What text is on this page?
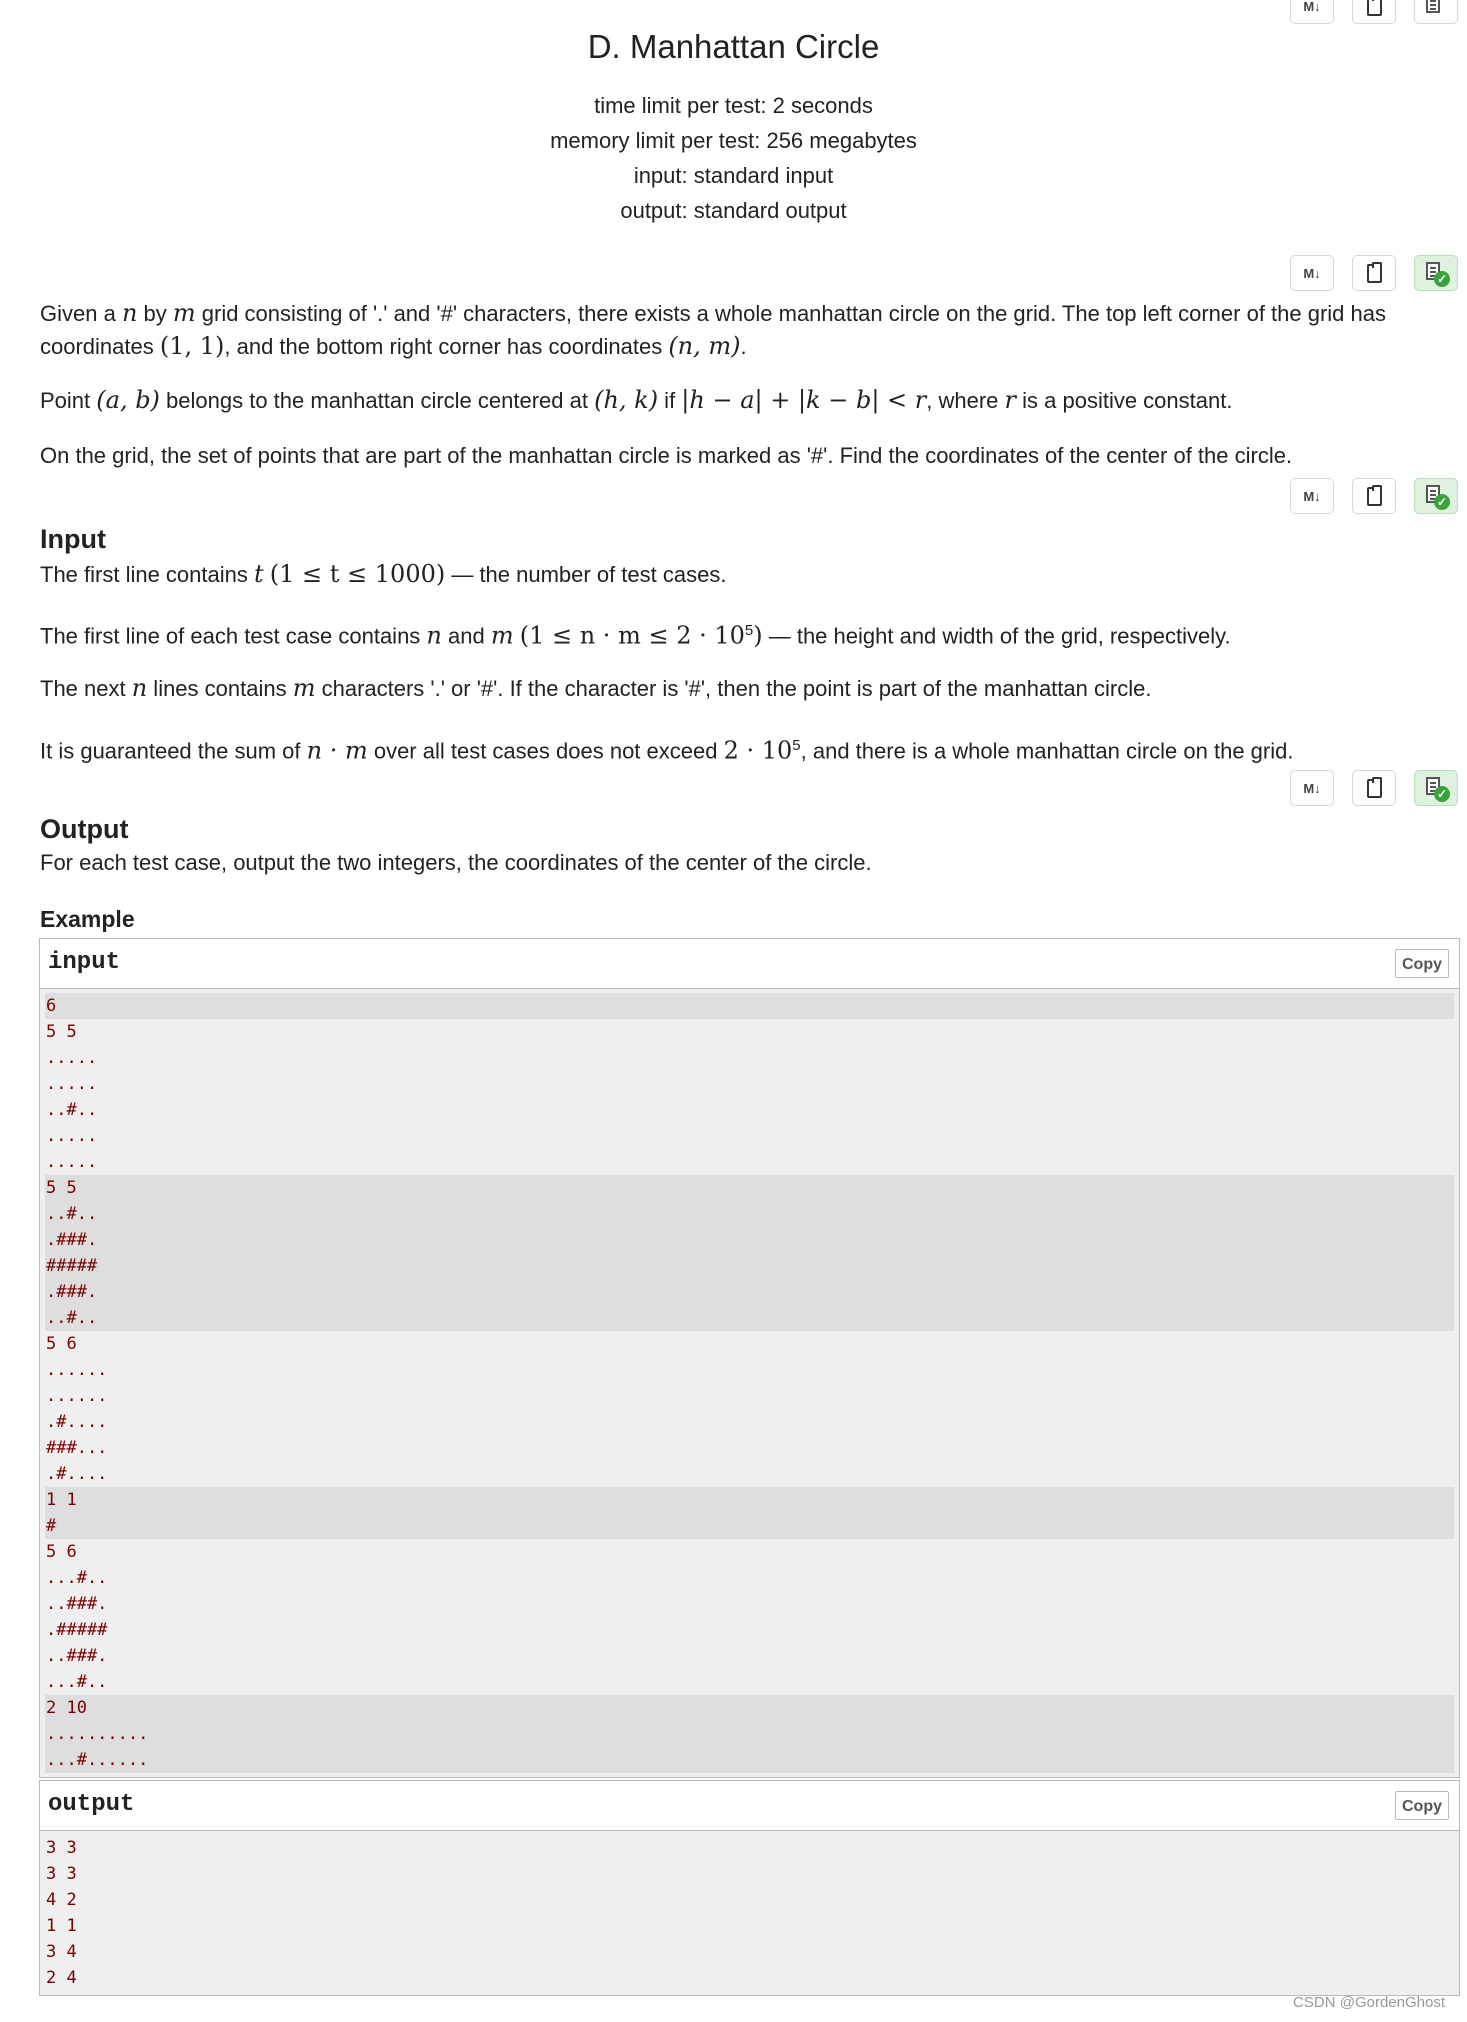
M↓
D. Manhattan Circle
time limit per test: 2 seconds
memory limit per test: 256 megabytes
input: standard input
output: standard output
M↓	✓
Given a n by m grid consisting of '.' and '#' characters, there exists a whole manhattan circle on the grid. The top left corner of the grid has coordinates (1, 1), and the bottom right corner has coordinates (n, m).
Point (a, b) belongs to the manhattan circle centered at (h, k) if |h − a| + |k − b| < r, where r is a positive constant.
On the grid, the set of points that are part of the manhattan circle is marked as '#'. Find the coordinates of the center of the circle.
M↓	✓
Input
The first line contains t (1 ≤ t ≤ 1000) — the number of test cases.
The first line of each test case contains n and m $(1 \le n \cdot m \le 2 \cdot 10^5)$ — the height and width of the grid, respectively.
The next n lines contains m characters '.' or '#'. If the character is '#', then the point is part of the manhattan circle.
It is guaranteed the sum of n · m over all test cases does not exceed $2 \cdot 10^5$, and there is a whole manhattan circle on the grid.
M↓	✓
Output
For each test case, output the two integers, the coordinates of the center of the circle.
Example
input	Copy
6
5 5
.....
.....
..#..
.....
.....
5 5
..#..
.###.
#####
.###.
..#..
5 6
......
......
.#....
###...
.#....
1 1
#
5 6
...#..
..###.
.#####
..###.
...#..
2 10
..........
...#......
output	Copy
3 3
3 3
4 2
1 1
3 4
2 4
CSDN @GordenGhost
